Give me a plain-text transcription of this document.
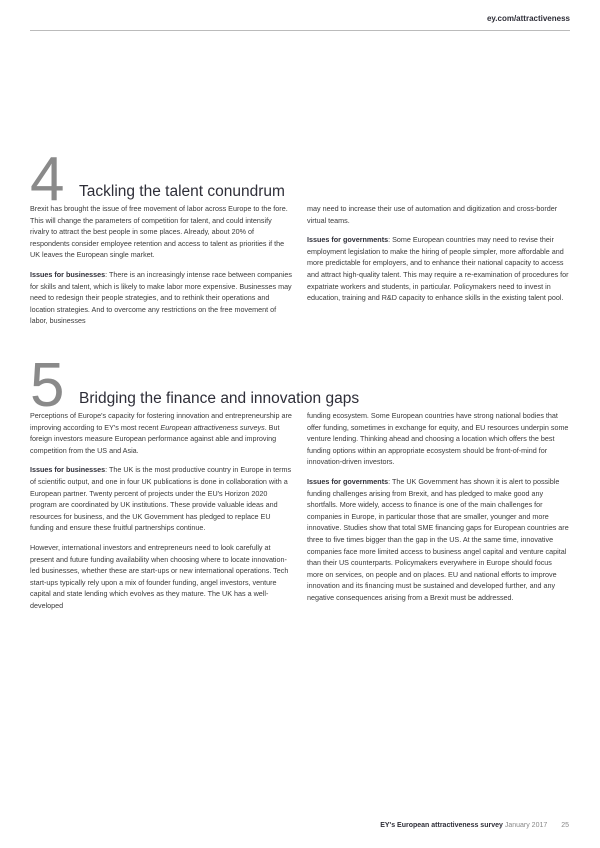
ey.com/attractiveness
4 Tackling the talent conundrum

Brexit has brought the issue of free movement of labor across Europe to the fore. This will change the parameters of competition for talent, and could intensify rivalry to attract the best people in some places. Already, about 20% of respondents consider employee retention and access to talent as priorities if the UK leaves the European single market.

Issues for businesses: There is an increasingly intense race between companies for skills and talent, which is likely to make labor more expensive. Businesses may need to redesign their people strategies, and to rethink their operations and location strategies. And to overcome any restrictions on the free movement of labor, businesses

may need to increase their use of automation and digitization and cross-border virtual teams.

Issues for governments: Some European countries may need to revise their employment legislation to make the hiring of people simpler, more affordable and more predictable for employers, and to enhance their national capacity to access and attract high-quality talent. This may require a re-examination of procedures for expatriate workers and students, in particular. Policymakers need to invest in education, training and R&D capacity to enhance skills in the existing talent pool.

5 Bridging the finance and innovation gaps

Perceptions of Europe's capacity for fostering innovation and entrepreneurship are improving according to EY's most recent European attractiveness surveys. But foreign investors measure European performance against able and improving competition from the US and Asia.

Issues for businesses: The UK is the most productive country in Europe in terms of scientific output, and one in four UK publications is done in collaboration with a European partner. Twenty percent of projects under the EU's Horizon 2020 program are coordinated by UK institutions. These provide valuable ideas and resources for business, and the UK Government has pledged to replace EU funding and ensure these fruitful partnerships continue.

However, international investors and entrepreneurs need to look carefully at present and future funding availability when choosing where to locate innovation-led businesses, whether these are start-ups or new international operations. Tech start-ups typically rely upon a mix of founder funding, angel investors, venture capital and state lending which evolves as they mature. The UK has a well-developed

funding ecosystem. Some European countries have strong national bodies that offer funding, sometimes in exchange for equity, and EU resources underpin some venture lending. Thinking ahead and choosing a location which offers the best funding options within an appropriate ecosystem should be front-of-mind for innovation-driven investors.

Issues for governments: The UK Government has shown it is alert to possible funding challenges arising from Brexit, and has pledged to make good any shortfalls. More widely, access to finance is one of the main challenges for companies in Europe, in particular those that are smaller, younger and more innovative. Studies show that total SME financing gaps for European countries are three to five times bigger than the gap in the US. At the same time, innovative companies face more limited access to business angel capital and venture capital than their US counterparts. Policymakers everywhere in Europe should focus more on services, on people and on places. EU and national efforts to improve innovation and its financing must be sustained and developed further, and any negative consequences arising from a Brexit must be addressed.

EY's European attractiveness survey January 2017 25
